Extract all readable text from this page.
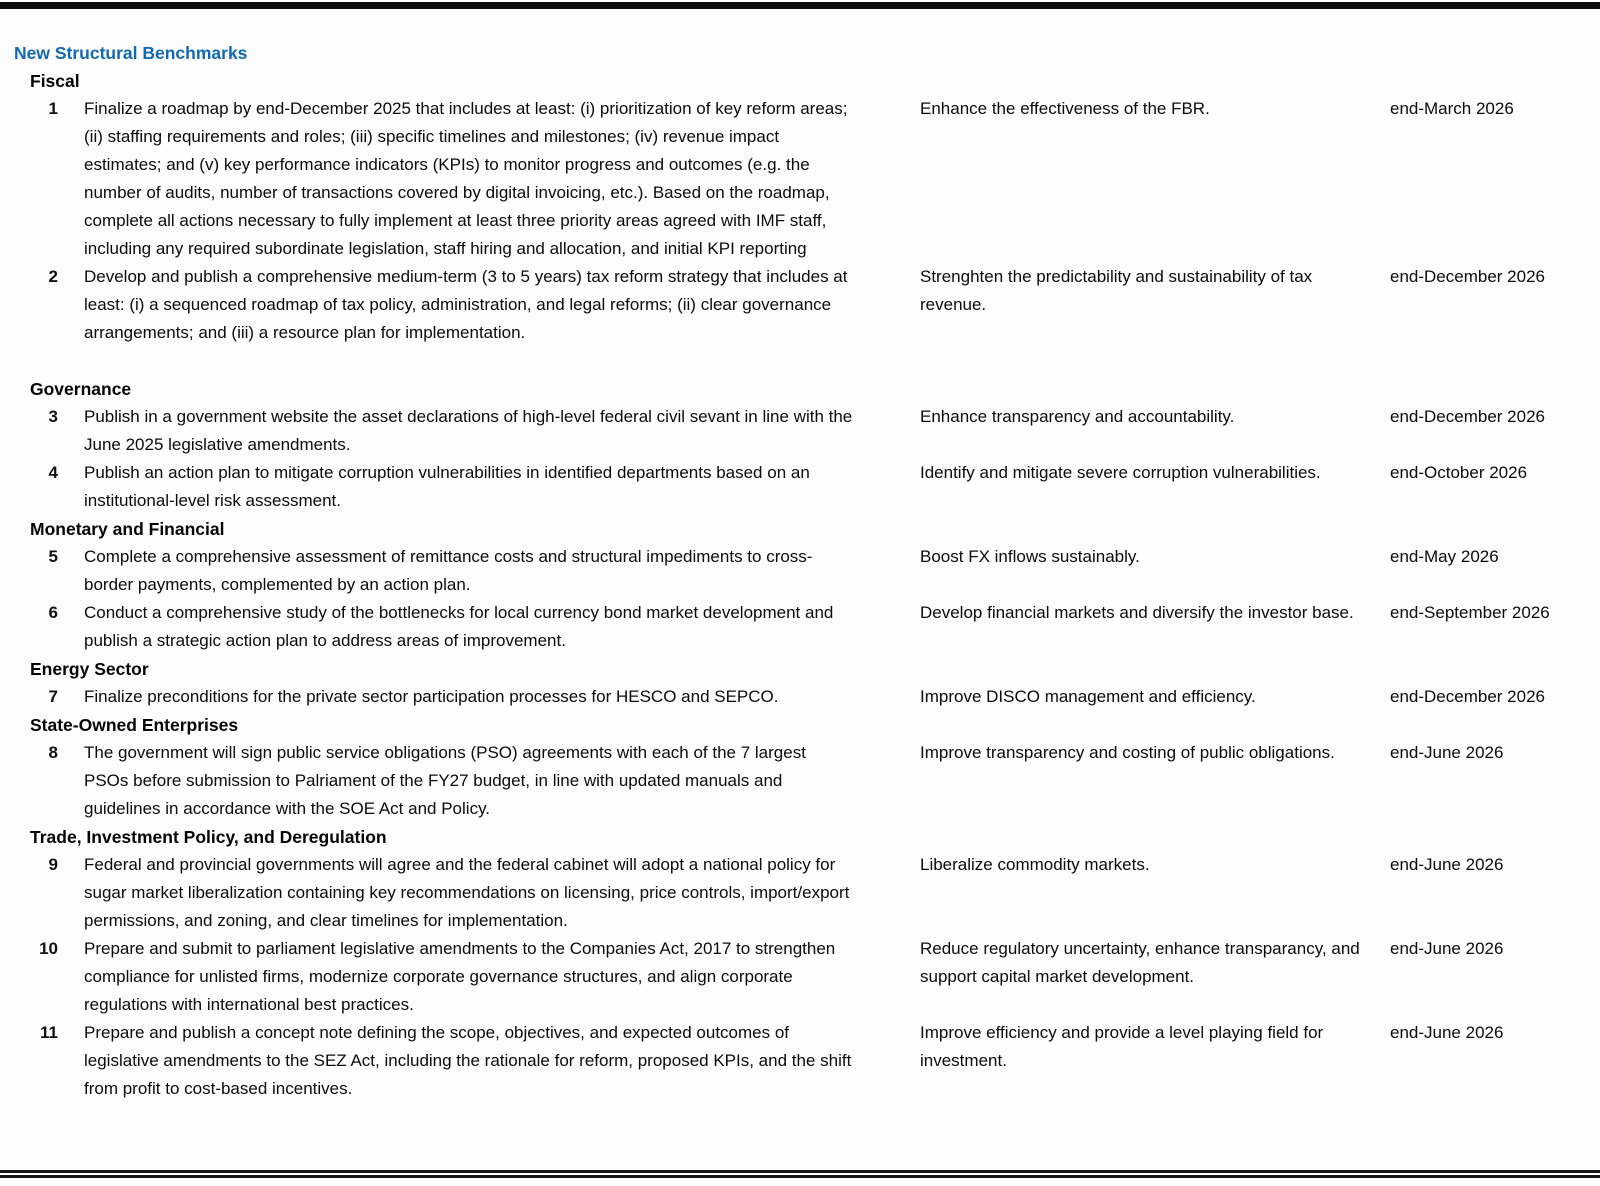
New Structural Benchmarks
Fiscal
1	Finalize a roadmap by end-December 2025 that includes at least: (i) prioritization of key reform areas; (ii) staffing requirements and roles; (iii) specific timelines and milestones; (iv) revenue impact estimates; and (v) key performance indicators (KPIs) to monitor progress and outcomes (e.g. the number of audits, number of transactions covered by digital invoicing, etc.). Based on the roadmap, complete all actions necessary to fully implement at least three priority areas agreed with IMF staff, including any required subordinate legislation, staff hiring and allocation, and initial KPI reporting
Enhance the effectiveness of the FBR.	end-March 2026
2	Develop and publish a comprehensive medium-term (3 to 5 years) tax reform strategy that includes at least: (i) a sequenced roadmap of tax policy, administration, and legal reforms; (ii) clear governance arrangements; and (iii) a resource plan for implementation.
Strenghten the predictability and sustainability of tax revenue.
end-December 2026
Governance
3	Publish in a government website the asset declarations of high-level federal civil sevant in line with the June 2025 legislative amendments.
Enhance transparency and accountability.	end-December 2026
4	Publish an action plan to mitigate corruption vulnerabilities in identified departments based on an institutional-level risk assessment.
Identify and mitigate severe corruption vulnerabilities.	end-October 2026
Monetary and Financial
5	Complete a comprehensive assessment of remittance costs and structural impediments to cross-border payments, complemented by an action plan.
Boost FX inflows sustainably.	end-May 2026
6	Conduct a comprehensive study of the bottlenecks for local currency bond market development and publish a strategic action plan to address areas of improvement.
Develop financial markets and diversify the investor base.	end-September 2026
Energy Sector
7	Finalize preconditions for the private sector participation processes for HESCO and SEPCO.	Improve DISCO management and efficiency.	end-December 2026
State-Owned Enterprises
8	The government will sign public service obligations (PSO) agreements with each of the 7 largest PSOs before submission to Palriament of the FY27 budget, in line with updated manuals and guidelines in accordance with the SOE Act and Policy.
Improve transparency and costing of public obligations.	end-June 2026
Trade, Investment Policy, and Deregulation
9	Federal and provincial governments will agree and the federal cabinet will adopt a national policy for sugar market liberalization containing key recommendations on licensing, price controls, import/export permissions, and zoning, and clear timelines for implementation.
Liberalize commodity markets.	end-June 2026
10	Prepare and submit to parliament legislative amendments to the Companies Act, 2017 to strengthen compliance for unlisted firms, modernize corporate governance structures, and align corporate regulations with international best practices.
Reduce regulatory uncertainty, enhance transparancy, and support capital market development.
end-June 2026
11	Prepare and publish a concept note defining the scope, objectives, and expected outcomes of legislative amendments to the SEZ Act, including the rationale for reform, proposed KPIs, and the shift from profit to cost-based incentives.
Improve efficiency and provide a level playing field for investment.
end-June 2026
